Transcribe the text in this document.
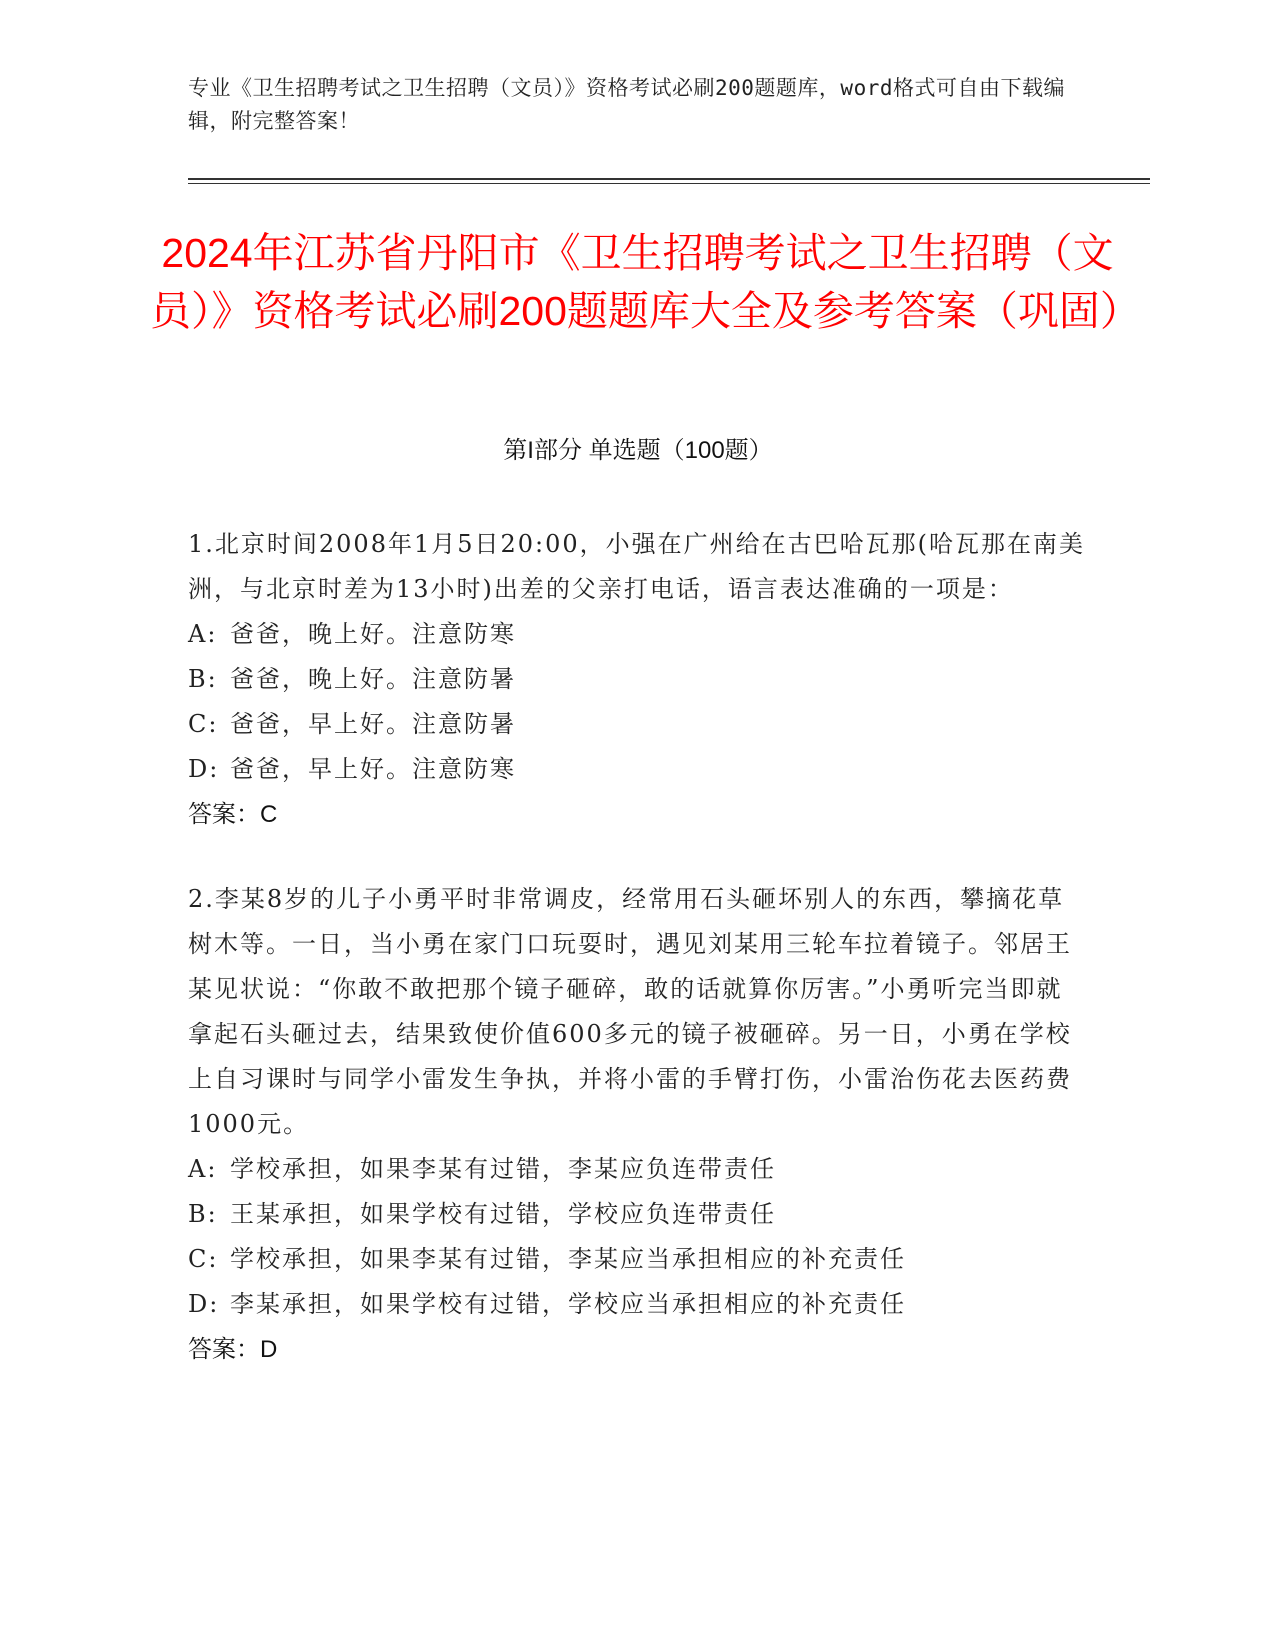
专业《卫生招聘考试之卫生招聘（文员）》资格考试必刷200题题库，word格式可自由下载编辑，附完整答案！
2024年江苏省丹阳市《卫生招聘考试之卫生招聘（文员）》资格考试必刷200题题库大全及参考答案（巩固）
第I部分 单选题（100题）
1.北京时间2008年1月5日20:00，小强在广州给在古巴哈瓦那(哈瓦那在南美洲，与北京时差为13小时)出差的父亲打电话，语言表达准确的一项是：
A: 爸爸，晚上好。注意防寒
B: 爸爸，晚上好。注意防暑
C: 爸爸，早上好。注意防暑
D: 爸爸，早上好。注意防寒
答案：C
2.李某8岁的儿子小勇平时非常调皮，经常用石头砸坏别人的东西，攀摘花草树木等。一日，当小勇在家门口玩耍时，遇见刘某用三轮车拉着镜子。邻居王某见状说：“你敢不敢把那个镜子砸碎，敢的话就算你厉害。”小勇听完当即就拿起石头砸过去，结果致使价值600多元的镜子被砸碎。另一日，小勇在学校上自习课时与同学小雷发生争执，并将小雷的手臂打伤，小雷治伤花去医药费1000元。
A: 学校承担，如果李某有过错，李某应负连带责任
B: 王某承担，如果学校有过错，学校应负连带责任
C: 学校承担，如果李某有过错，李某应当承担相应的补充责任
D: 李某承担，如果学校有过错，学校应当承担相应的补充责任
答案：D
